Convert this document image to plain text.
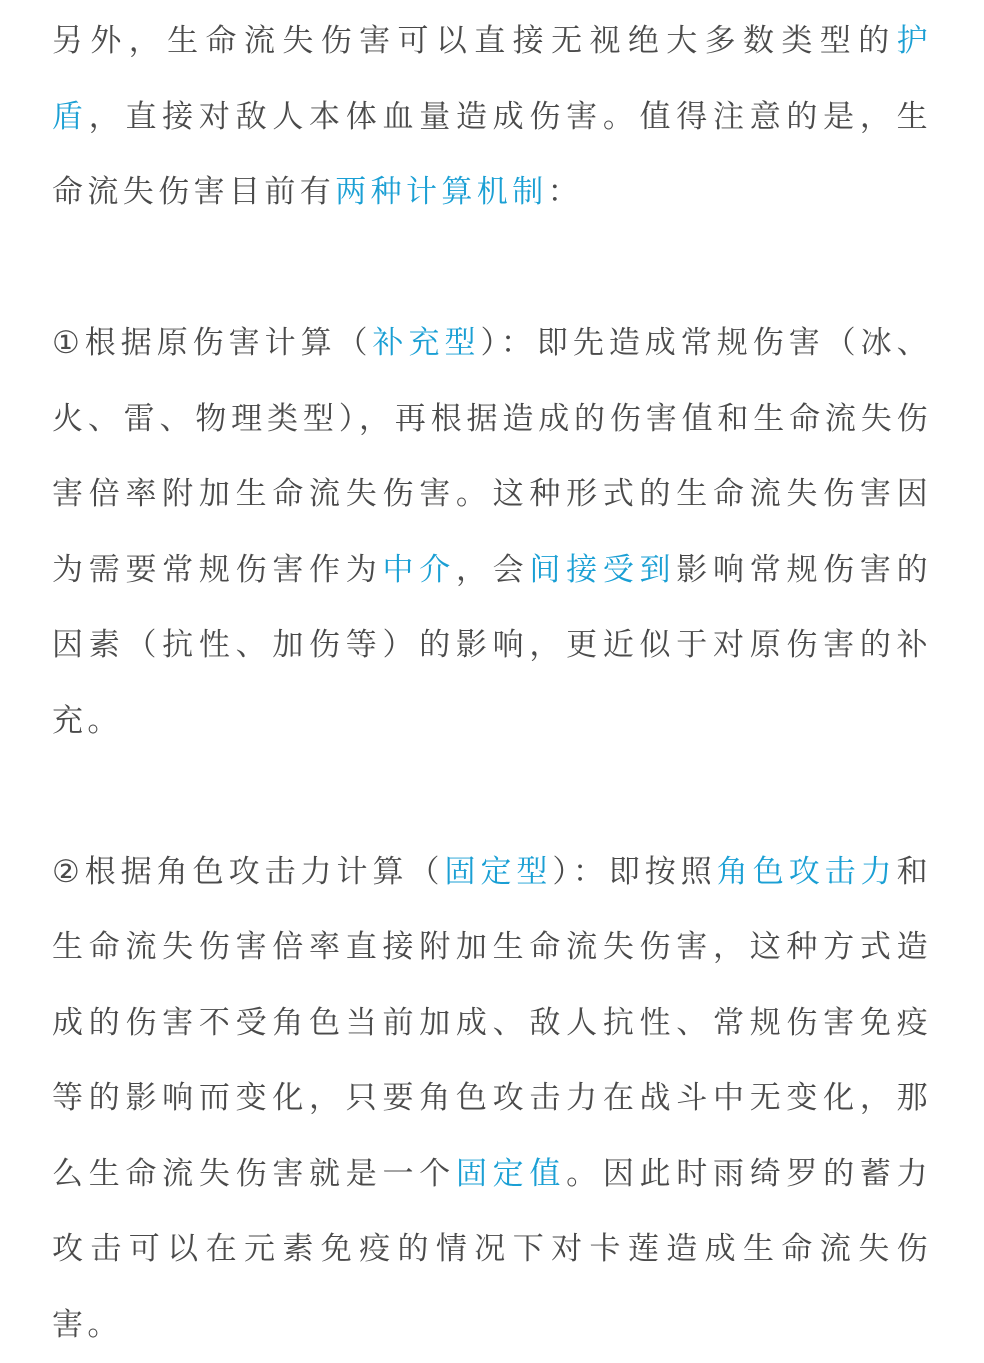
另外，生命流失伤害可以直接无视绝大多数类型的护盾，直接对敌人本体血量造成伤害。值得注意的是，生命流失伤害目前有两种计算机制：

①根据原伤害计算（补充型）：即先造成常规伤害（冰、火、雷、物理类型），再根据造成的伤害值和生命流失伤害倍率附加生命流失伤害。这种形式的生命流失伤害因为需要常规伤害作为中介，会间接受到影响常规伤害的因素（抗性、加伤等）的影响，更近似于对原伤害的补充。

②根据角色攻击力计算（固定型）：即按照角色攻击力和生命流失伤害倍率直接附加生命流失伤害，这种方式造成的伤害不受角色当前加成、敌人抗性、常规伤害免疫等的影响而变化，只要角色攻击力在战斗中无变化，那么生命流失伤害就是一个固定值。因此时雨绮罗的蓄力攻击可以在元素免疫的情况下对卡莲造成生命流失伤害。
